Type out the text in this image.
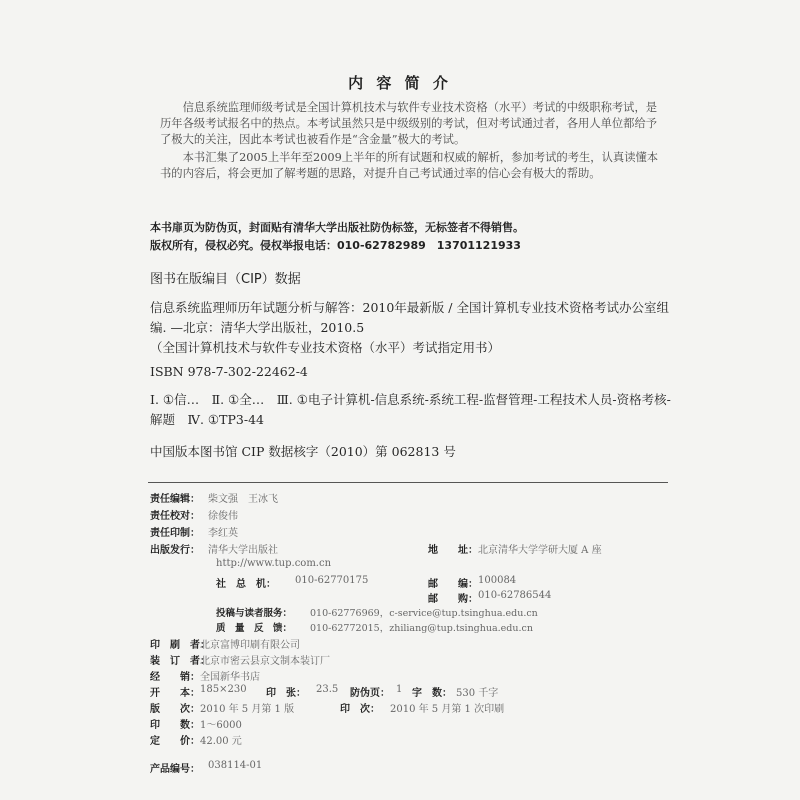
内 容 简 介

信息系统监理师级考试是全国计算机技术与软件专业技术资格（水平）考试的中级职称考试，是历年各级考试报名中的热点。本考试虽然只是中级级别的考试，但对考试通过者，各用人单位都给予了极大的关注，因此本考试也被看作是“含金量”极大的考试。

本书汇集了2005上半年至2009上半年的所有试题和权威的解析，参加考试的考生，认真读懂本书的内容后，将会更加了解考题的思路，对提升自己考试通过率的信心会有极大的帮助。

本书扉页为防伪页，封面贴有清华大学出版社防伪标签，无标签者不得销售。
版权所有，侵权必究。侵权举报电话：010-62782989　13701121933
图书在版编目（CIP）数据

信息系统监理师历年试题分析与解答：2010年最新版 / 全国计算机专业技术资格考试办公室组编. —北京：清华大学出版社，2010.5

（全国计算机技术与软件专业技术资格（水平）考试指定用书）

ISBN 978-7-302-22462-4

Ⅰ. ①信…　Ⅱ. ①全…　Ⅲ. ①电子计算机-信息系统-系统工程-监督管理-工程技术人员-资格考核-解题　Ⅳ. ①TP3-44

中国版本图书馆 CIP 数据核字（2010）第 062813 号

责任编辑： 柴文强　王冰飞
责任校对： 徐俊伟
责任印制： 李红英
出版发行： 清华大学出版社	地　　址： 北京清华大学学研大厦 A 座
http://www.tup.com.cn
社　总　机： 010-62770175	邮　　编： 100084
邮　　购： 010-62786544
投稿与读者服务： 010-62776969，c-service@tup.tsinghua.edu.cn
质　量　反　馈： 010-62772015，zhiliang@tup.tsinghua.edu.cn
印　刷　者：
北京富博印刷有限公司
装　订　者：
北京市密云县京文制本装订厂
经　　销： 全国新华书店
开　　本： 185×230 印　张： 23.5 防伪页： 1 字　数： 530 千字
版　　次： 2010 年 5 月第 1 版	印　次： 2010 年 5 月第 1 次印刷
印　　数： 1～6000
定　　价： 42.00 元
产品编号： 038114-01
